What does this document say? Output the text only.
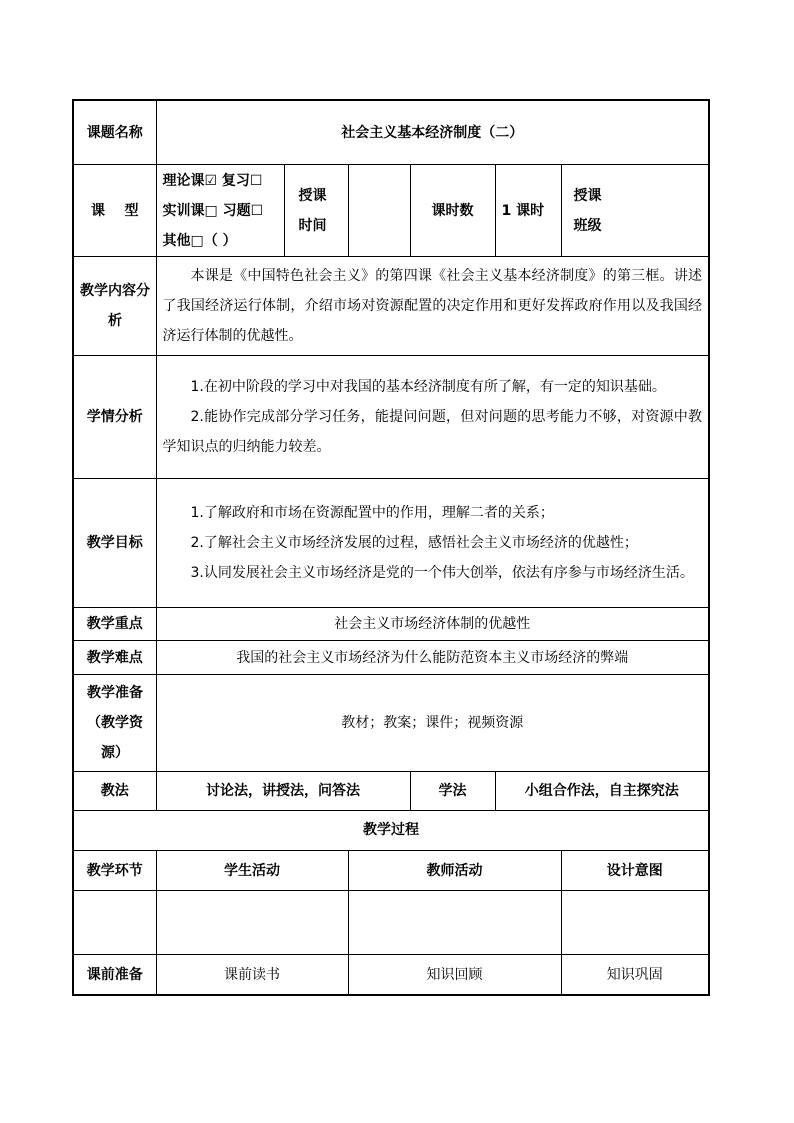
课题名称	社会主义基本经济制度（二）					
课    型	理论课☑ 复习☐
实训课□ 习题☐
其他□（ ）	授课时间		课时数	1 课时	授课班级
教学内容分析	本课是《中国特色社会主义》的第四课《社会主义基本经济制度》的第三框。讲述了我国经济运行体制，介绍市场对资源配置的决定作用和更好发挥政府作用以及我国经济运行体制的优越性。					

学情分析	1.在初中阶段的学习中对我国的基本经济制度有所了解，有一定的知识基础。

2.能协作完成部分学习任务，能提问问题，但对问题的思考能力不够，对资源中教学知识点的归纳能力较差。					

教学目标	1.了解政府和市场在资源配置中的作用，理解二者的关系；

2.了解社会主义市场经济发展的过程，感悟社会主义市场经济的优越性；

3.认同发展社会主义市场经济是党的一个伟大创举，依法有序参与市场经济生活。					

教学重点	社会主义市场经济体制的优越性					
教学难点	我国的社会主义市场经济为什么能防范资本主义市场经济的弊端					
教学准备（教学资源）	教材；教案；课件；视频资源					
教法	讨论法，讲授法，问答法			学法	小组合作法，自主探究法	
教学过程						
教学环节	学生活动		教师活动			设计意图

课前准备	课前读书		知识回顾			知识巩固
